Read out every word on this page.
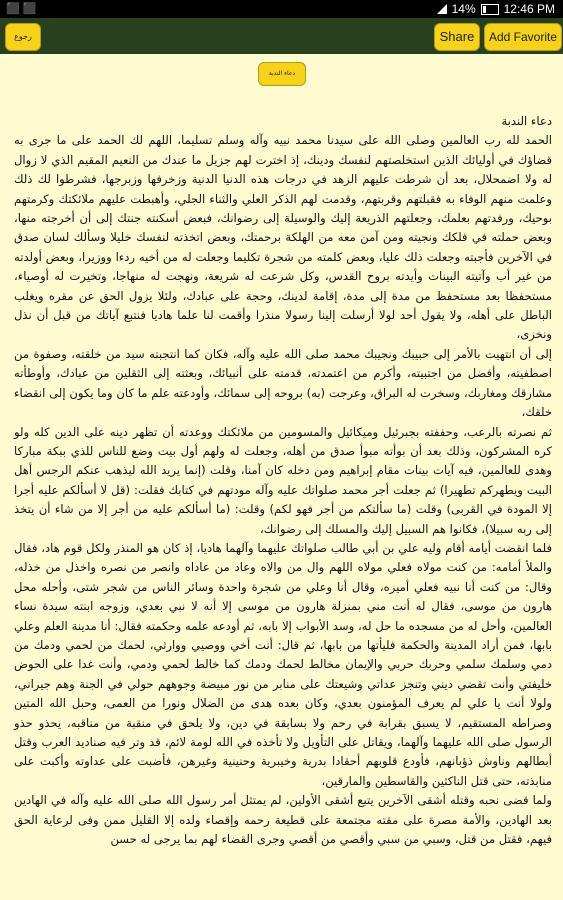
⬛ ⬛	14% 12:46 PM
رجوع	Share	Add Favorite
دعاء الندبة

دعاء الندبة

الحمد لله رب العالمين وصلى الله على سيدنا محمد نبيه وآله وسلم تسليما، اللهم لك الحمد على ما جرى به قضاؤك في أوليائك الذين استخلصتهم لنفسك ودينك، إذ اخترت لهم جزيل ما عندك من النعيم المقيم الذي لا زوال له ولا اضمحلال، بعد أن شرطت عليهم الزهد في درجات هذه الدنيا الدنية وزخرفها وزبرجها، فشرطوا لك ذلك وعلمت منهم الوفاء به فقبلتهم وقربتهم، وقدمت لهم الذكر العلي والثناء الجلي، وأهبطت عليهم ملائكتك وكرمتهم بوحيك، ورفدتهم بعلمك، وجعلتهم الذريعة إليك والوسيلة إلى رضوانك، فبعض أسكنته جنتك إلى أن أخرجته منها، وبعض حملته في فلكك ونجيته ومن آمن معه من الهلكة برحمتك، وبعض اتخذته لنفسك خليلا وسألك لسان صدق في الآخرين فأجبته وجعلت ذلك عليا، وبعض كلمته من شجرة تكليما وجعلت له من أخيه ردءا ووزيرا، وبعض أولدته من غير أب وآتيته البينات وأيدته بروح القدس، وكل شرعت له شريعة، ونهجت له منهاجا، وتخيرت له أوصياء، مستحفظا بعد مستحفظ من مدة إلى مدة، إقامة لدينك، وحجة على عبادك، ولئلا يزول الحق عن مقره ويغلب الباطل على أهله، ولا يقول أحد لولا أرسلت إلينا رسولا منذرا وأقمت لنا علما هاديا فنتبع آياتك من قبل أن نذل ونخزى،

إلى أن انتهيت بالأمر إلى حبيبك ونجيبك محمد صلى الله عليه وآله، فكان كما انتجبته سيد من خلقته، وصفوة من اصطفيته، وأفضل من اجتبيته، وأكرم من اعتمدته، قدمته على أنبيائك، وبعثته إلى الثقلين من عبادك، وأوطأته مشارقك ومغاربك، وسخرت له البراق، وعرجت (به) بروحه إلى سمائك، وأودعته علم ما كان وما يكون إلى انقضاء خلقك،

ثم نصرته بالرعب، وحففته بجبرئيل وميكائيل والمسومين من ملائكتك ووعدته أن تظهر دينه على الدين كله ولو كره المشركون، وذلك بعد أن بوأته مبوأ صدق من أهله، وجعلت له ولهم أول بيت وضع للناس للذي ببكة مباركا وهدى للعالمين، فيه آيات بينات مقام إبراهيم ومن دخله كان آمنا، وقلت (إنما يريد الله ليذهب عنكم الرجس أهل البيت ويطهركم تطهيرا) ثم جعلت أجر محمد صلواتك عليه وآله مودتهم في كتابك فقلت: (قل لا أسألكم عليه أجرا إلا المودة في القربى) وقلت (ما سألتكم من أجر فهو لكم) وقلت: (ما أسألكم عليه من أجر إلا من شاء أن يتخذ إلى ربه سبيلا)، فكانوا هم السبيل إليك والمسلك إلى رضوانك،

فلما انقضت أيامه أقام وليه علي بن أبي طالب صلواتك عليهما وآلهما هاديا، إذ كان هو المنذر ولكل قوم هاد، فقال والملأ أمامه: من كنت مولاه فعلي مولاه اللهم وال من والاه وعاد من عاداه وانصر من نصره واخذل من خذله، وقال: من كنت أنا نبيه فعلي أميره، وقال أنا وعلي من شجرة واحدة وسائر الناس من شجر شتى، وأحله محل هارون من موسى، فقال له أنت مني بمنزلة هارون من موسى إلا أنه لا نبي بعدي، وزوجه ابنته سيدة نساء العالمين، وأحل له من مسجده ما حل له، وسد الأبواب إلا بابه، ثم أودعه علمه وحكمته فقال: أنا مدينة العلم وعلي بابها، فمن أراد المدينة والحكمة فليأتها من بابها، ثم قال: أنت أخي ووصيي ووارثي، لحمك من لحمي ودمك من دمي وسلمك سلمي وحربك حربي والإيمان مخالط لحمك ودمك كما خالط لحمي ودمي، وأنت غدا على الحوض خليفتي وأنت تقضي ديني وتنجز عداتي وشيعتك على منابر من نور مبيضة وجوههم حولي في الجنة وهم جيراني، ولولا أنت يا علي لم يعرف المؤمنون بعدي، وكان بعده هدى من الضلال ونورا من العمى، وحبل الله المتين وصراطه المستقيم، لا يسبق بقرابة في رحم ولا بسابقة في دين، ولا يلحق في منقبة من مناقبه، يحذو حذو الرسول صلى الله عليهما وآلهما، ويقاتل على التأويل ولا تأخذه في الله لومة لائم، قد وتر فيه صناديد العرب وقتل أبطالهم وناوش ذؤبانهم، فأودع قلوبهم أحقادا بدرية وخيبرية وحنينية وغيرهن، فأضبت على عداوته وأكبت على منابذته، حتى قتل الناكثين والقاسطين والمارقين،

ولما قضى نحبه وقتله أشقى الآخرين يتبع أشقى الأولين، لم يمتثل أمر رسول الله صلى الله عليه وآله في الهادين بعد الهادين، والأمة مصرة على مقته مجتمعة على قطيعة رحمه وإقصاء ولده إلا القليل ممن وفى لرعاية الحق فيهم، فقتل من قتل، وسبي من سبي وأقصي من أقصي وجرى القضاء لهم بما يرجى له حسن
